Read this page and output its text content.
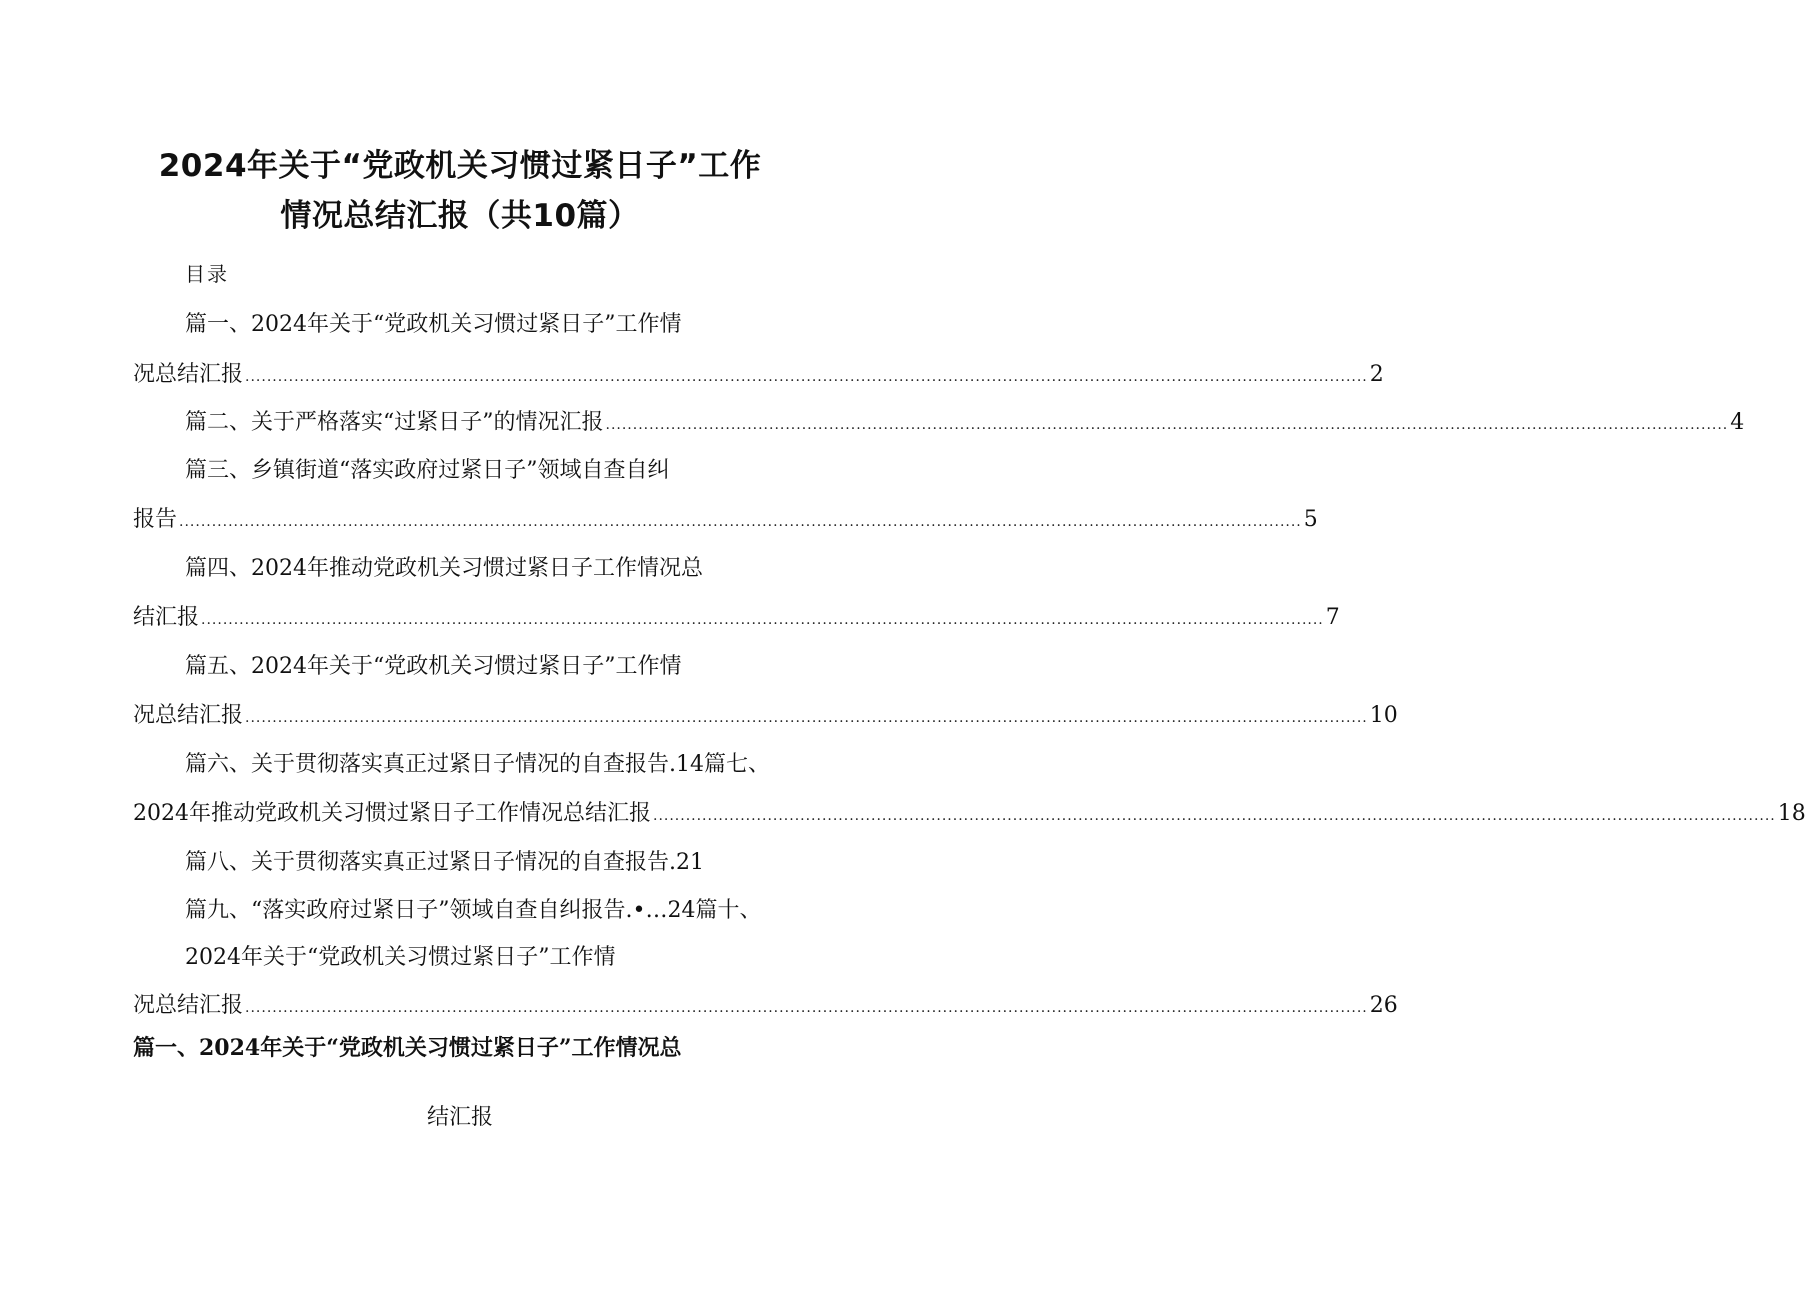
2024年关于“党政机关习惯过紧日子”工作
情况总结汇报（共10篇）
目录
篇一、2024年关于“党政机关习惯过紧日子”工作情
况总结汇报 .............................................................................................................................................................................................................. 2
篇二、关于严格落实“过紧日子”的情况汇报 .............................................................................................................................................................................................................. 4
篇三、乡镇街道“落实政府过紧日子”领域自查自纠
报告 .............................................................................................................................................................................................................. 5
篇四、2024年推动党政机关习惯过紧日子工作情况总
结汇报 .............................................................................................................................................................................................................. 7
篇五、2024年关于“党政机关习惯过紧日子”工作情
况总结汇报 .............................................................................................................................................................................................................. 10
篇六、关于贯彻落实真正过紧日子情况的自查报告.14篇七、
2024年推动党政机关习惯过紧日子工作情况总结汇报 .............................................................................................................................................................................................................. 18
篇八、关于贯彻落实真正过紧日子情况的自查报告.21
篇九、“落实政府过紧日子”领域自查自纠报告.•…24篇十、
2024年关于“党政机关习惯过紧日子”工作情
况总结汇报 .............................................................................................................................................................................................................. 26
篇一、2024年关于“党政机关习惯过紧日子”工作情况总
结汇报
